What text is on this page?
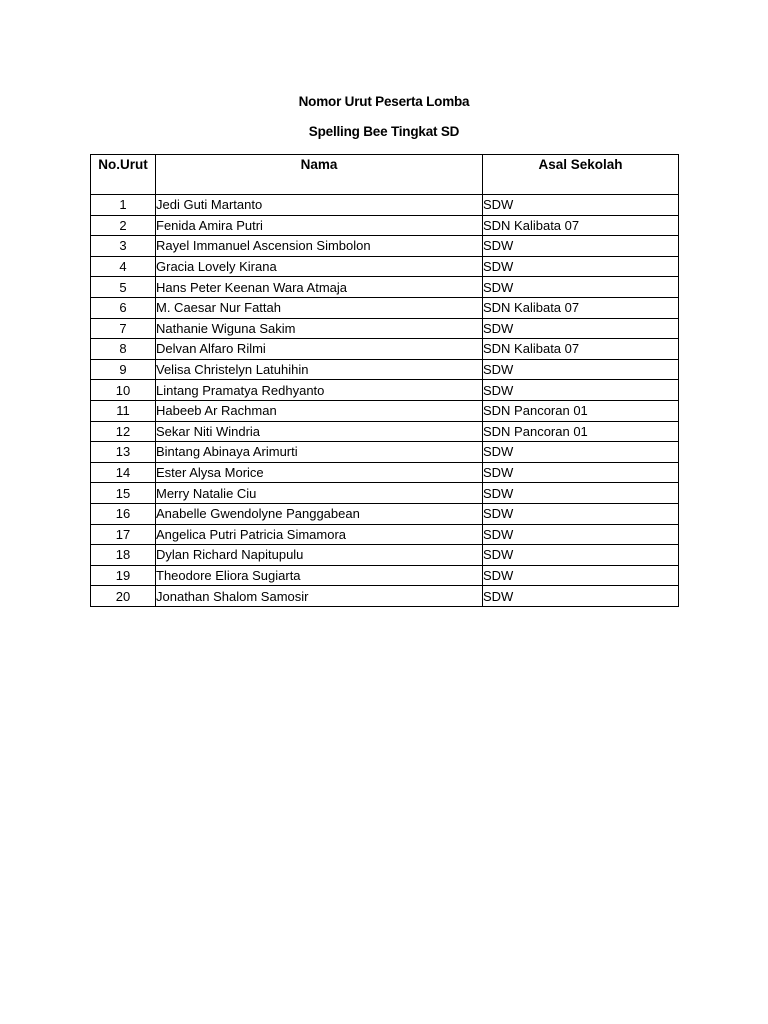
Nomor Urut Peserta Lomba
Spelling Bee Tingkat SD
No.Urut	Nama	Asal Sekolah
1	Jedi Guti Martanto	SDW
2	Fenida Amira Putri	SDN Kalibata 07
3	Rayel Immanuel Ascension Simbolon	SDW
4	Gracia Lovely Kirana	SDW
5	Hans Peter Keenan Wara Atmaja	SDW
6	M. Caesar Nur Fattah	SDN Kalibata 07
7	Nathanie Wiguna Sakim	SDW
8	Delvan Alfaro Rilmi	SDN Kalibata 07
9	Velisa Christelyn Latuhihin	SDW
10	Lintang Pramatya Redhyanto	SDW
11	Habeeb Ar Rachman	SDN Pancoran 01
12	Sekar Niti Windria	SDN Pancoran 01
13	Bintang Abinaya Arimurti	SDW
14	Ester Alysa Morice	SDW
15	Merry Natalie Ciu	SDW
16	Anabelle Gwendolyne Panggabean	SDW
17	Angelica Putri Patricia Simamora	SDW
18	Dylan Richard Napitupulu	SDW
19	Theodore Eliora Sugiarta	SDW
20	Jonathan Shalom Samosir	SDW
